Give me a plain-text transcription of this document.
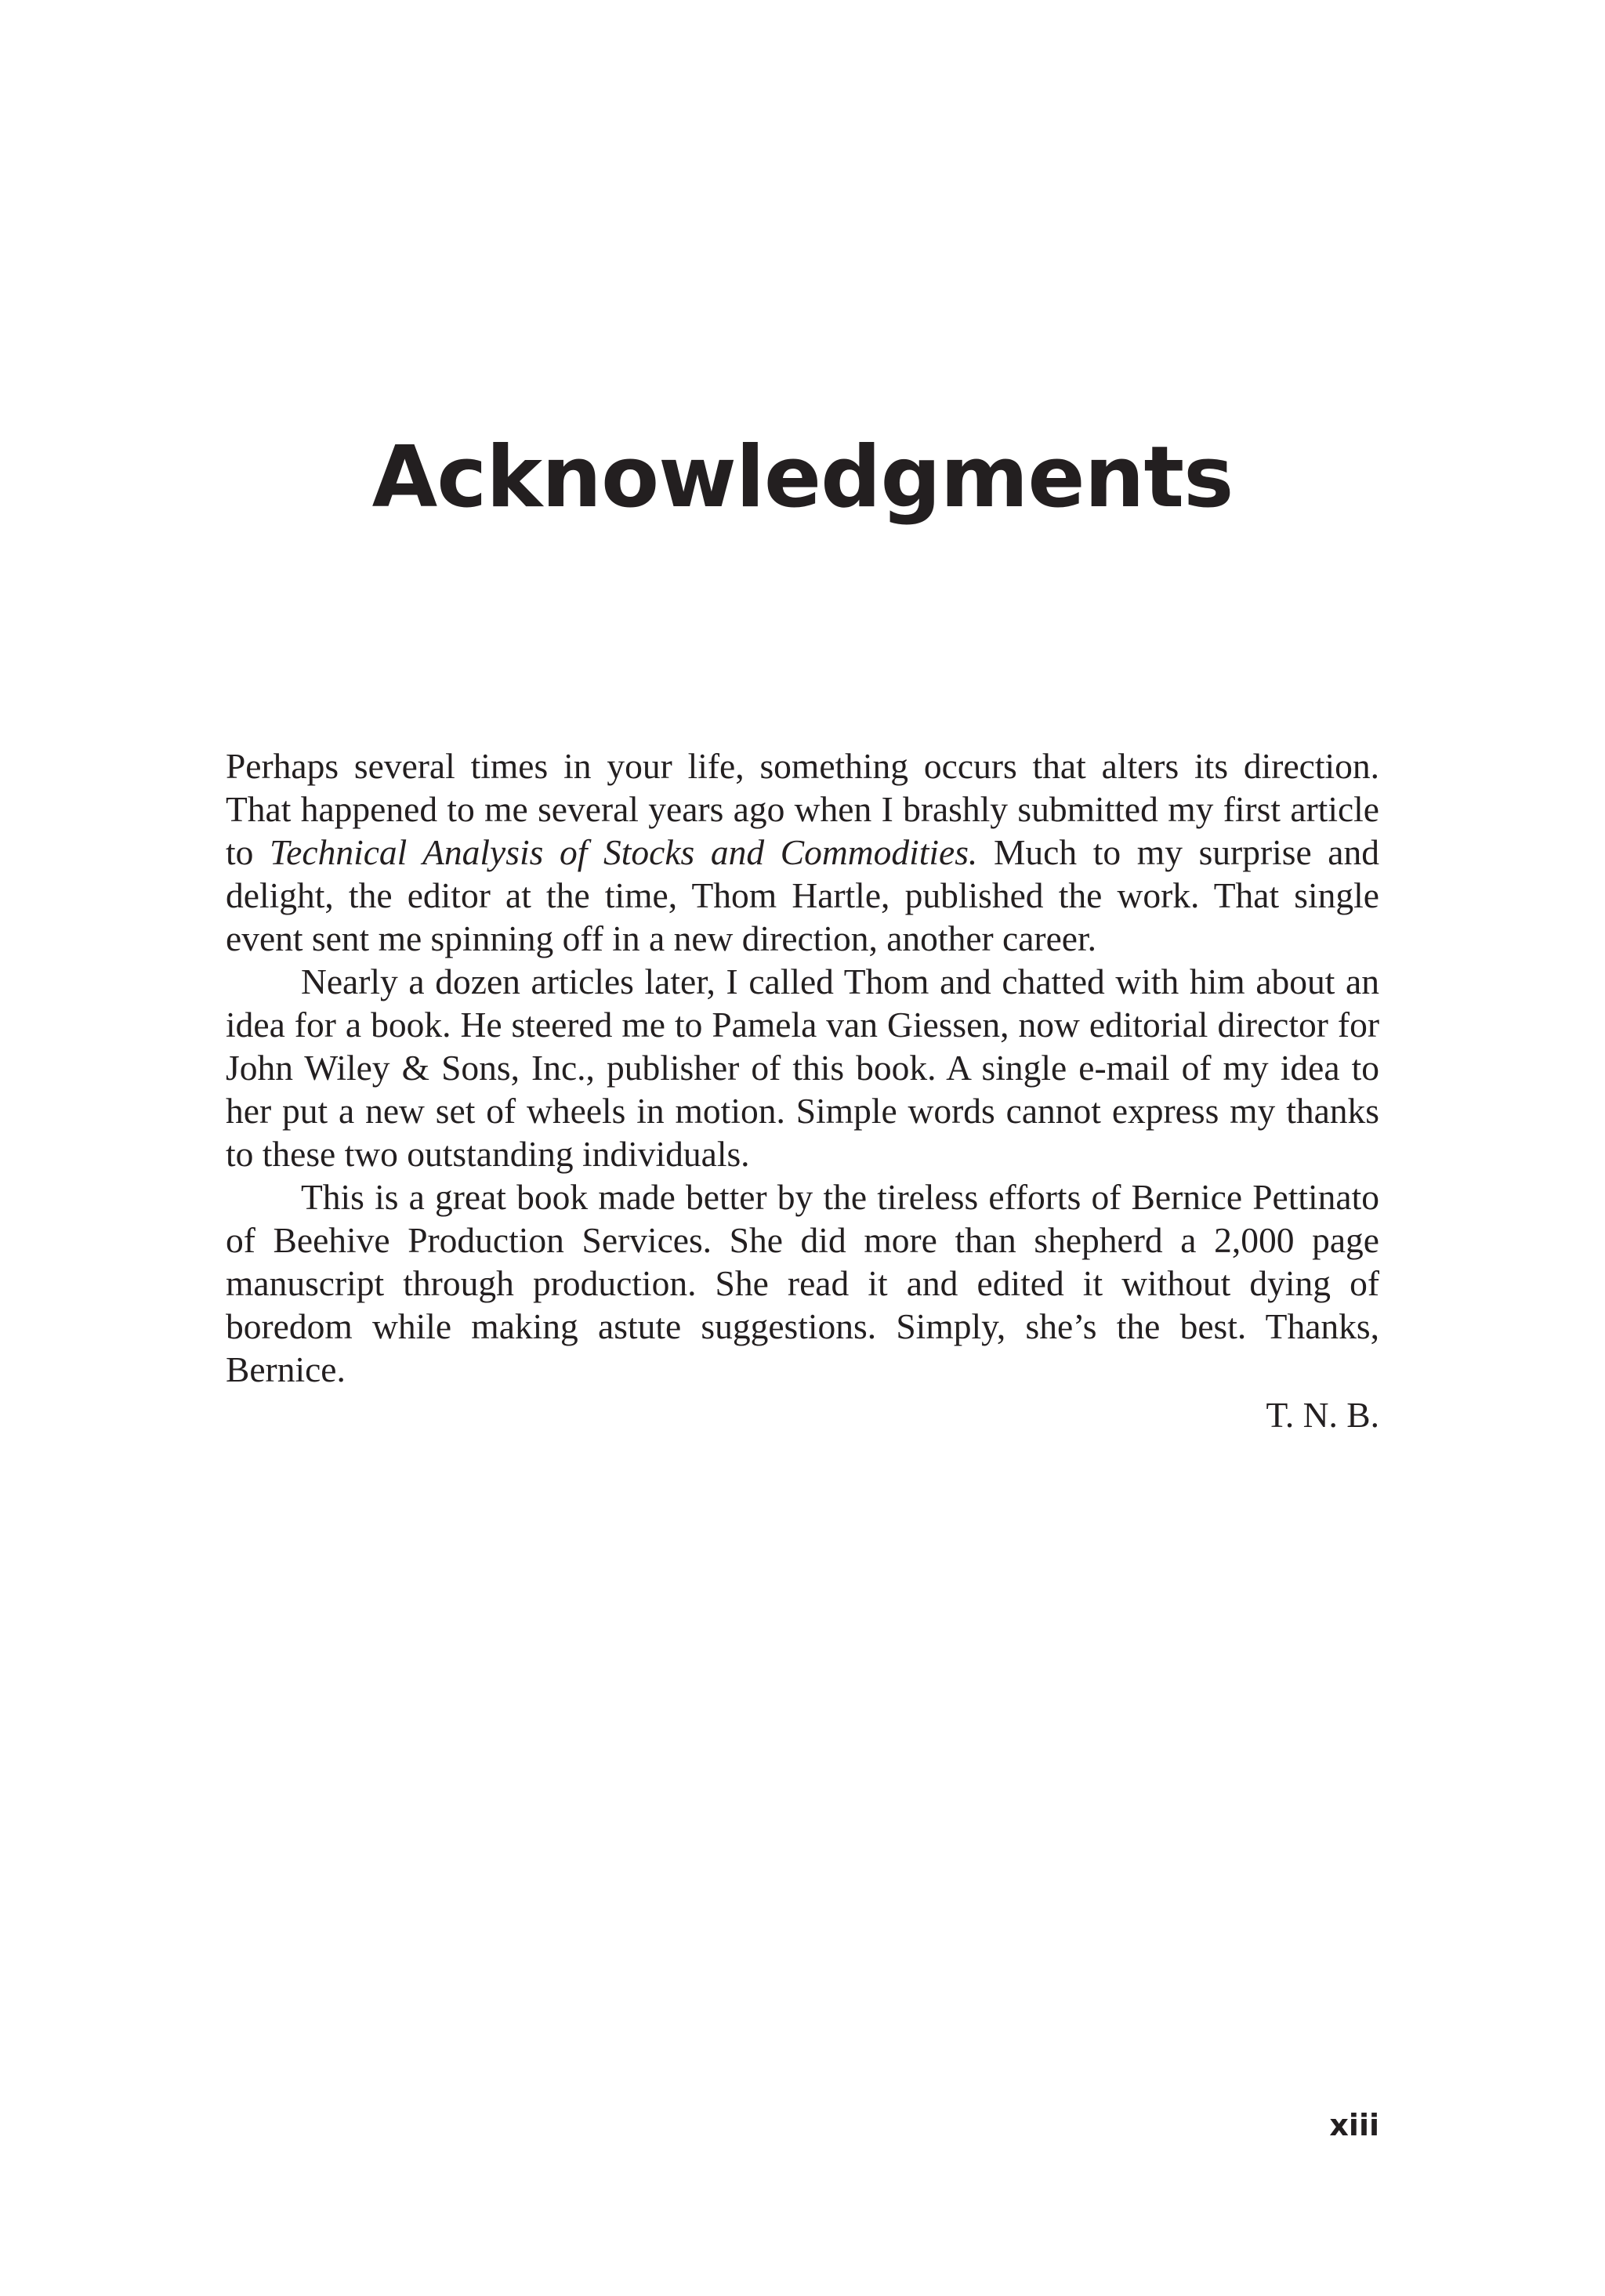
Acknowledgments

Perhaps several times in your life, something occurs that alters its direction. That happened to me several years ago when I brashly submitted my first article to Technical Analysis of Stocks and Commodities. Much to my surprise and delight, the editor at the time, Thom Hartle, published the work. That single event sent me spinning off in a new direction, another career.

Nearly a dozen articles later, I called Thom and chatted with him about an idea for a book. He steered me to Pamela van Giessen, now editorial director for John Wiley & Sons, Inc., publisher of this book. A single e-mail of my idea to her put a new set of wheels in motion. Simple words cannot express my thanks to these two outstanding individuals.

This is a great book made better by the tireless efforts of Bernice Pettinato of Beehive Production Services. She did more than shepherd a 2,000 page manuscript through production. She read it and edited it without dying of boredom while making astute suggestions. Simply, she’s the best. Thanks, Bernice.

T. N. B.
xiii
